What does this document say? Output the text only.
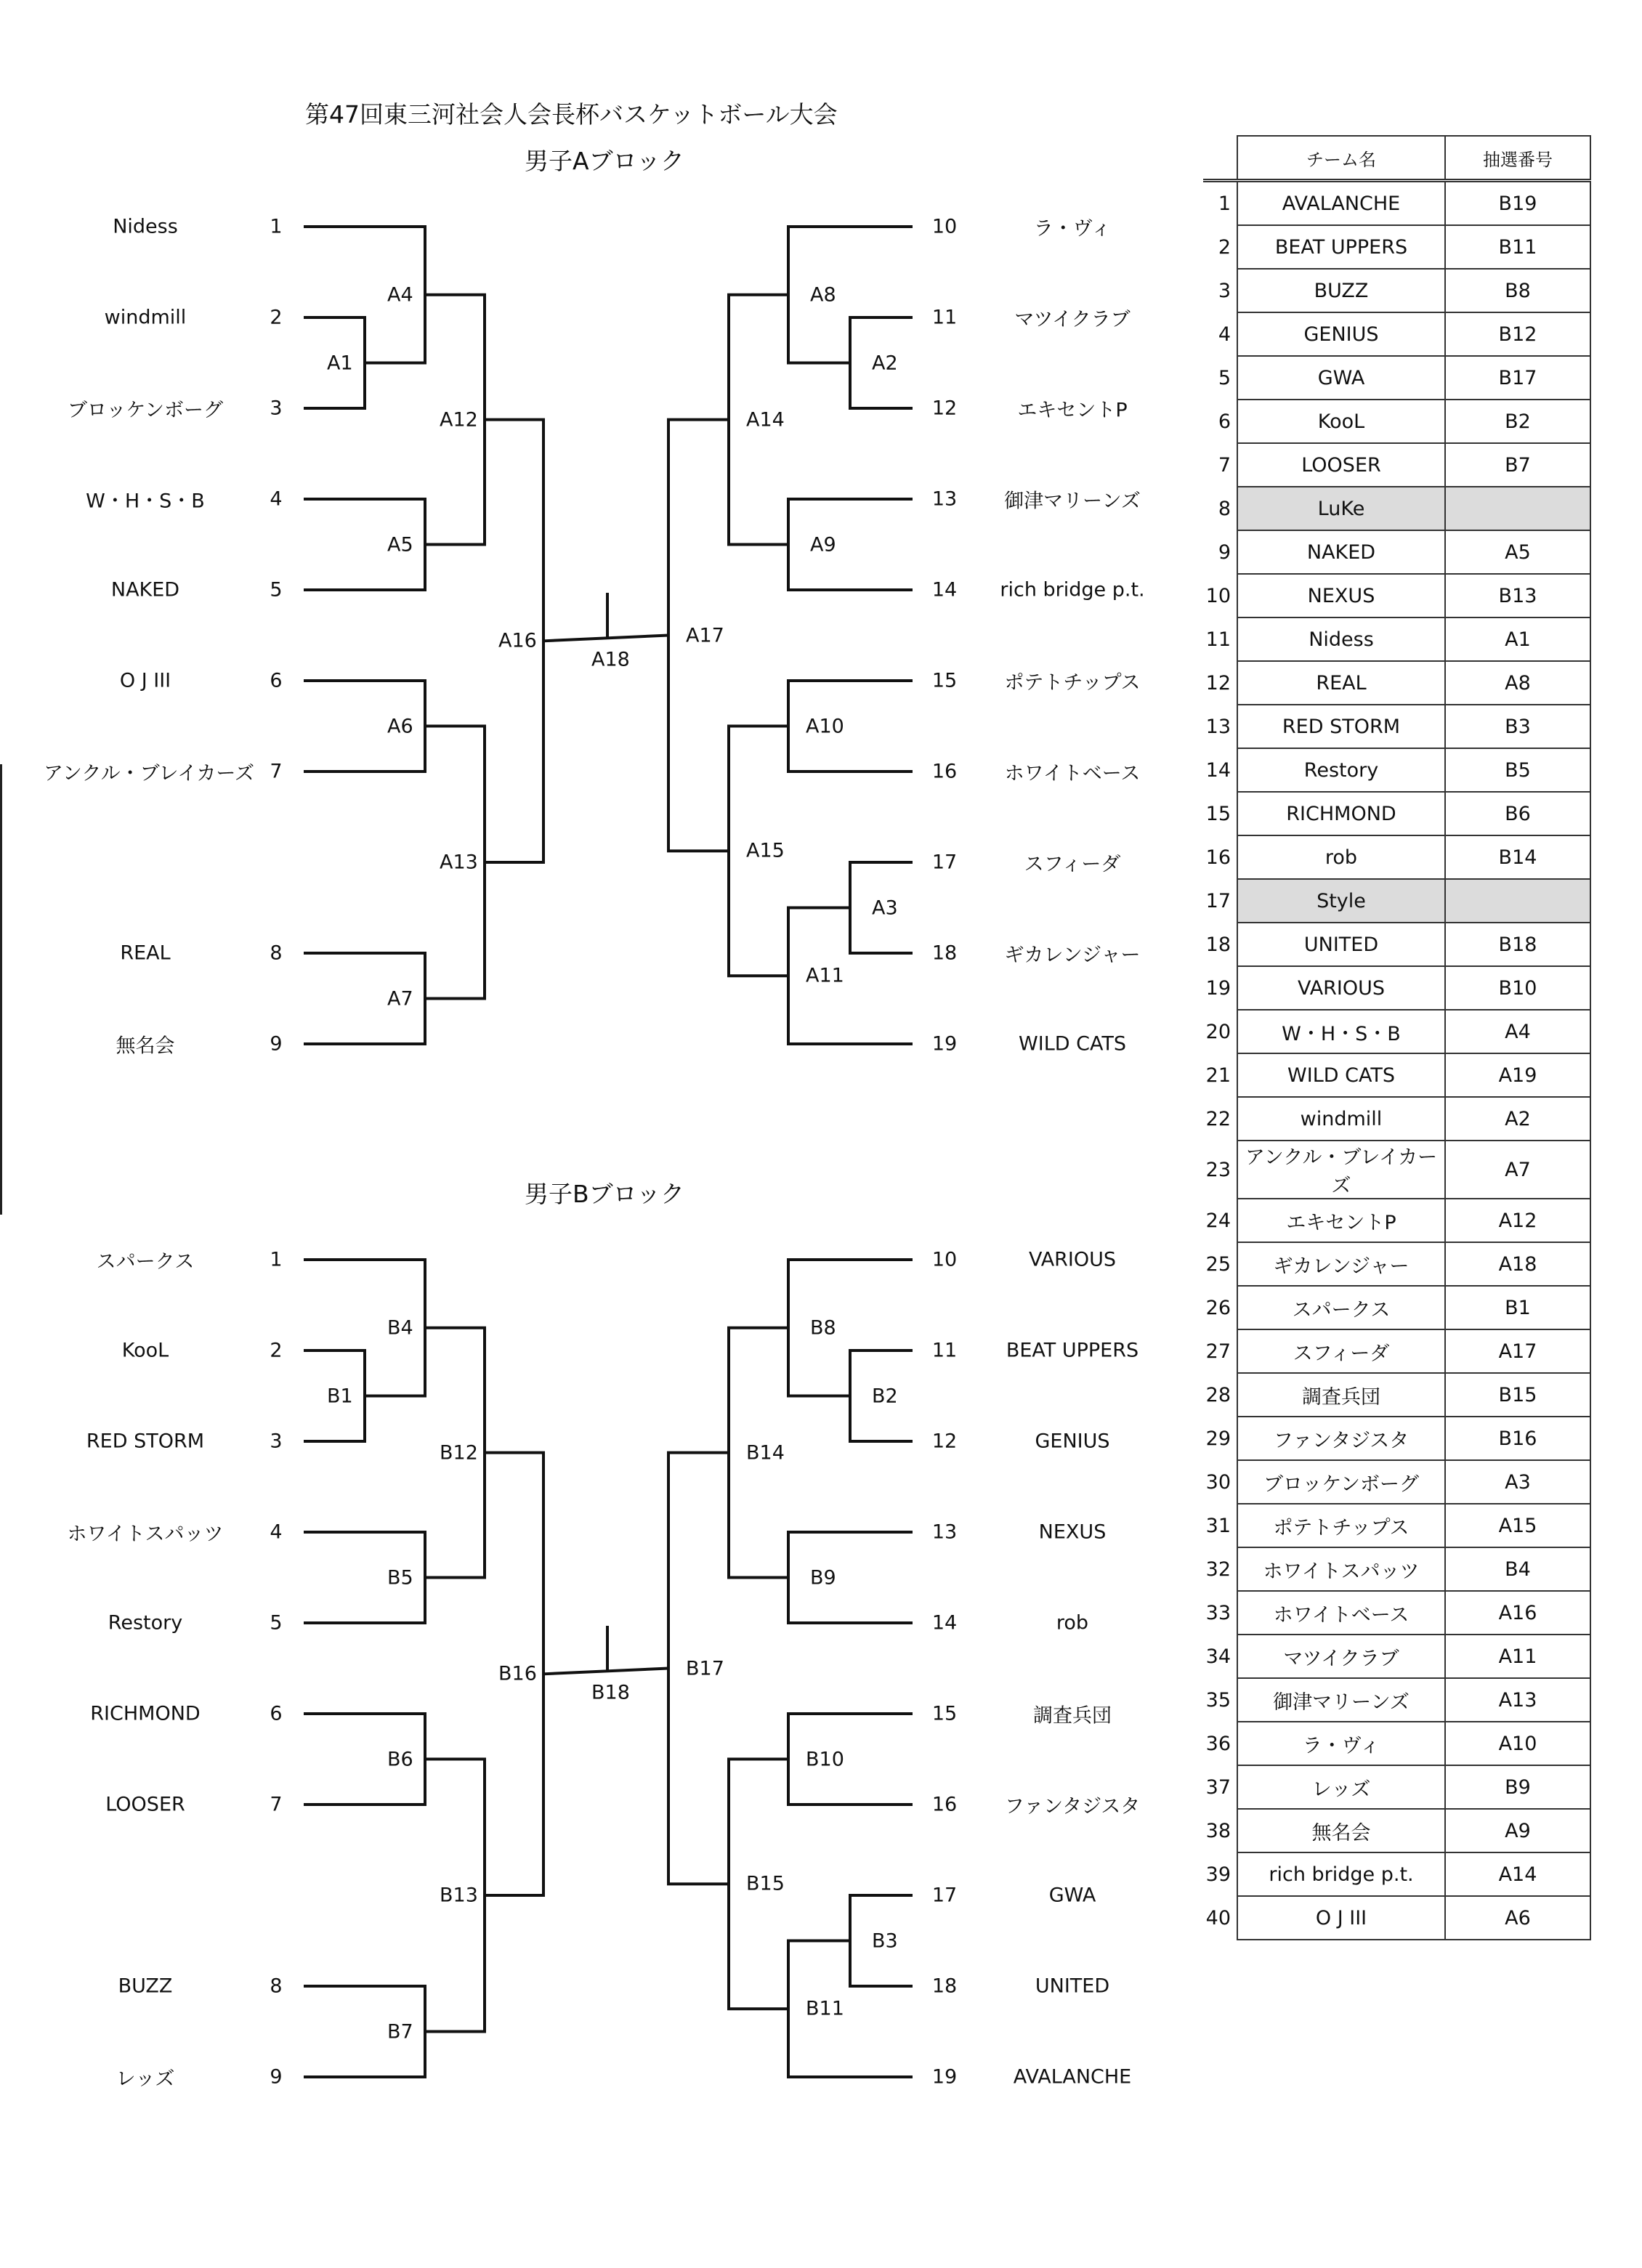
第47回東三河社会人会長杯バスケットボール大会
男子Aブロック
男子Bブロック
Nidess	1
windmill	2
ブロッケンボーグ	3
W・H・S・B	4
NAKED	5
O J III	6
アンクル・ブレイカーズ 7
REAL	8
無名会	9
A1
A4
A5
A12
A6
A7
A13
A16
ラ・ヴィ
10
マツイクラブ
11
エキセントP
12
御津マリーンズ
13
rich bridge p.t.
14
ポテトチップス
15
ホワイトベース
16
スフィーダ
17
ギカレンジャー
18
WILD CATS
19
A2
A8
A9
A14
A10
A3
A11
A15
A17
A18
スパークス	1
KooL	2
RED STORM	3
ホワイトスパッツ	4
Restory	5
RICHMOND	6
LOOSER	7
BUZZ	8
レッズ	9
B1
B4
B5
B12
B6
B7
B13
B16
VARIOUS
10
BEAT UPPERS
11
GENIUS
12
NEXUS
13
rob
14
調査兵団
15
ファンタジスタ
16
GWA
17
UNITED
18
AVALANCHE
19
B2
B8
B9
B14
B10
B3
B11
B15
B17
B18
	チーム名	抽選番号
1	AVALANCHE	B19
2	BEAT UPPERS	B11
3	BUZZ	B8
4	GENIUS	B12
5	GWA	B17
6	KooL	B2
7	LOOSER	B7
8	LuKe	
9	NAKED	A5
10	NEXUS	B13
11	Nidess	A1
12	REAL	A8
13	RED STORM	B3
14	Restory	B5
15	RICHMOND	B6
16	rob	B14
17	Style	
18	UNITED	B18
19	VARIOUS	B10
20	W・H・S・B	A4
21	WILD CATS	A19
22	windmill	A2
23	アンクル・ブレイカーズ	A7
24	エキセントP	A12
25	ギカレンジャー	A18
26	スパークス	B1
27	スフィーダ	A17
28	調査兵団	B15
29	ファンタジスタ	B16
30	ブロッケンボーグ	A3
31	ポテトチップス	A15
32	ホワイトスパッツ	B4
33	ホワイトベース	A16
34	マツイクラブ	A11
35	御津マリーンズ	A13
36	ラ・ヴィ	A10
37	レッズ	B9
38	無名会	A9
39	rich bridge p.t.	A14
40	O J III	A6
